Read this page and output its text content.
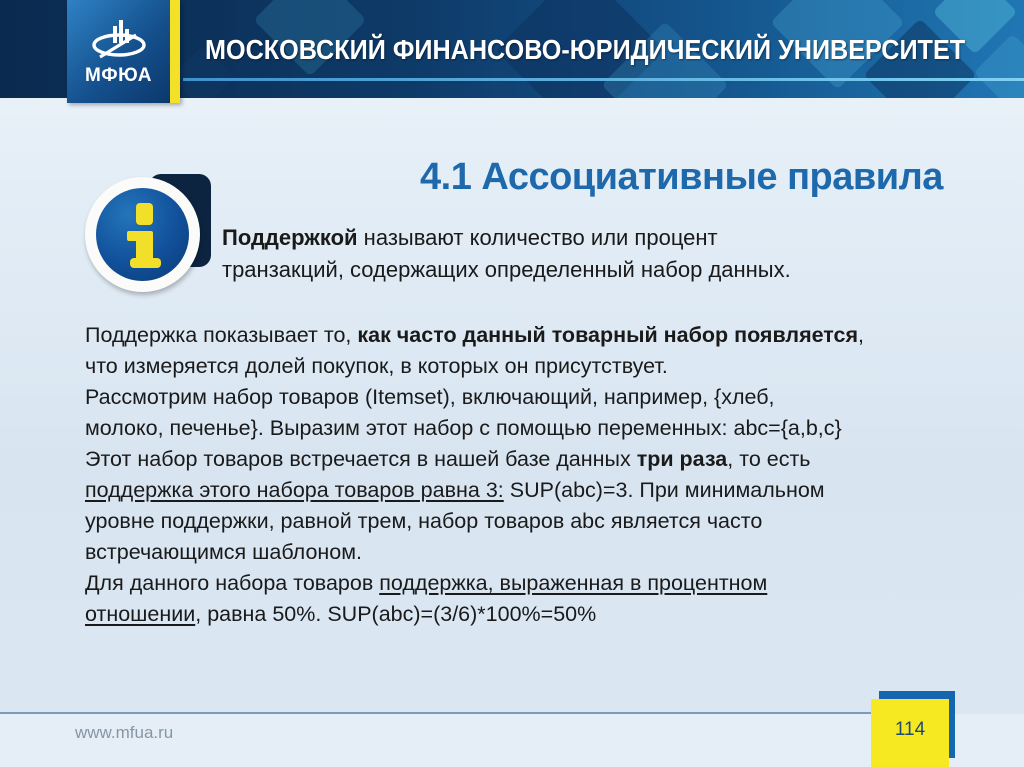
МОСКОВСКИЙ ФИНАНСОВО-ЮРИДИЧЕСКИЙ УНИВЕРСИТЕТ
МФЮА
4.1 Ассоциативные правила
Поддержкой называют количество или процент
транзакций, содержащих определенный набор данных.
Поддержка показывает то, как часто данный товарный набор появляется,
что измеряется долей покупок, в которых он присутствует.
Рассмотрим набор товаров (Itemset), включающий, например, {хлеб,
молоко, печенье}. Выразим этот набор с помощью переменных: abc={a,b,c}
Этот набор товаров встречается в нашей базе данных три раза, то есть
поддержка этого набора товаров равна 3: SUP(abc)=3. При минимальном
уровне поддержки, равной трем, набор товаров abc является часто
встречающимся шаблоном.
Для данного набора товаров поддержка, выраженная в процентном
отношении, равна 50%. SUP(abc)=(3/6)*100%=50%
www.mfua.ru	114
